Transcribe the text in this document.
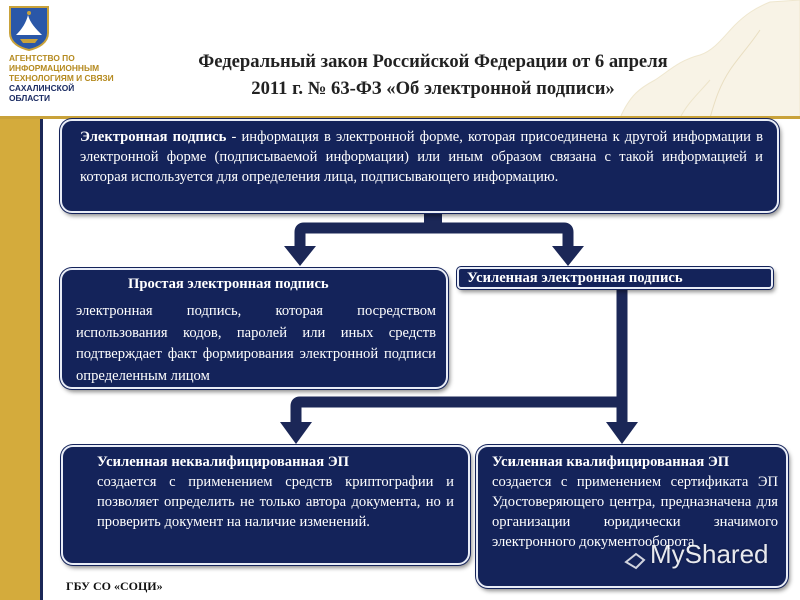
АГЕНТСТВО ПО
ИНФОРМАЦИОННЫМ
ТЕХНОЛОГИЯМ И СВЯЗИ
САХАЛИНСКОЙ
ОБЛАСТИ
Федеральный закон Российской Федерации от 6 апреля
2011 г. № 63-ФЗ «Об электронной подписи»

Электронная подпись - информация в электронной форме, которая присоединена к другой информации в электронной форме (подписываемой информации) или иным образом связана с такой информацией и которая используется для определения лица, подписывающего информацию.

Простая электронная подпись

электронная подпись, которая посредством использования кодов, паролей или иных средств подтверждает факт формирования электронной подписи определенным лицом

Усиленная электронная подпись

Усиленная неквалифицированная ЭП
создается с применением средств криптографии и позволяет определить не только автора документа, но и проверить документ на наличие изменений.

Усиленная квалифицированная ЭП
создается с применением сертификата ЭП Удостоверяющего центра, предназначена для организации юридически значимого электронного документооборота

MyShared
ГБУ СО «СОЦИ»
